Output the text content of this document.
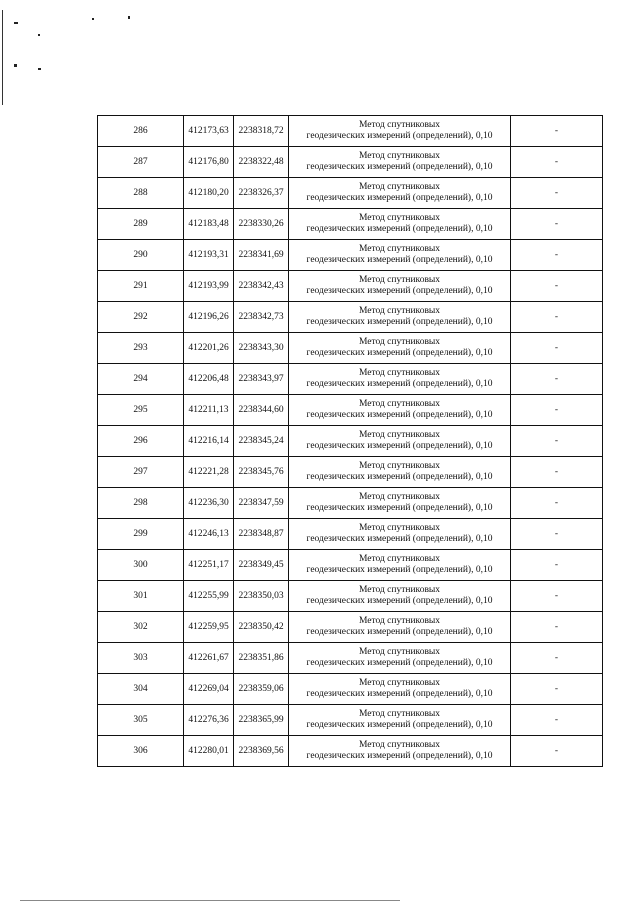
286	412173,63	2238318,72	Метод спутниковых
геодезических измерений (определений), 0,10	-
287	412176,80	2238322,48	Метод спутниковых
геодезических измерений (определений), 0,10	-
288	412180,20	2238326,37	Метод спутниковых
геодезических измерений (определений), 0,10	-
289	412183,48	2238330,26	Метод спутниковых
геодезических измерений (определений), 0,10	-
290	412193,31	2238341,69	Метод спутниковых
геодезических измерений (определений), 0,10	-
291	412193,99	2238342,43	Метод спутниковых
геодезических измерений (определений), 0,10	-
292	412196,26	2238342,73	Метод спутниковых
геодезических измерений (определений), 0,10	-
293	412201,26	2238343,30	Метод спутниковых
геодезических измерений (определений), 0,10	-
294	412206,48	2238343,97	Метод спутниковых
геодезических измерений (определений), 0,10	-
295	412211,13	2238344,60	Метод спутниковых
геодезических измерений (определений), 0,10	-
296	412216,14	2238345,24	Метод спутниковых
геодезических измерений (определений), 0,10	-
297	412221,28	2238345,76	Метод спутниковых
геодезических измерений (определений), 0,10	-
298	412236,30	2238347,59	Метод спутниковых
геодезических измерений (определений), 0,10	-
299	412246,13	2238348,87	Метод спутниковых
геодезических измерений (определений), 0,10	-
300	412251,17	2238349,45	Метод спутниковых
геодезических измерений (определений), 0,10	-
301	412255,99	2238350,03	Метод спутниковых
геодезических измерений (определений), 0,10	-
302	412259,95	2238350,42	Метод спутниковых
геодезических измерений (определений), 0,10	-
303	412261,67	2238351,86	Метод спутниковых
геодезических измерений (определений), 0,10	-
304	412269,04	2238359,06	Метод спутниковых
геодезических измерений (определений), 0,10	-
305	412276,36	2238365,99	Метод спутниковых
геодезических измерений (определений), 0,10	-
306	412280,01	2238369,56	Метод спутниковых
геодезических измерений (определений), 0,10	-
